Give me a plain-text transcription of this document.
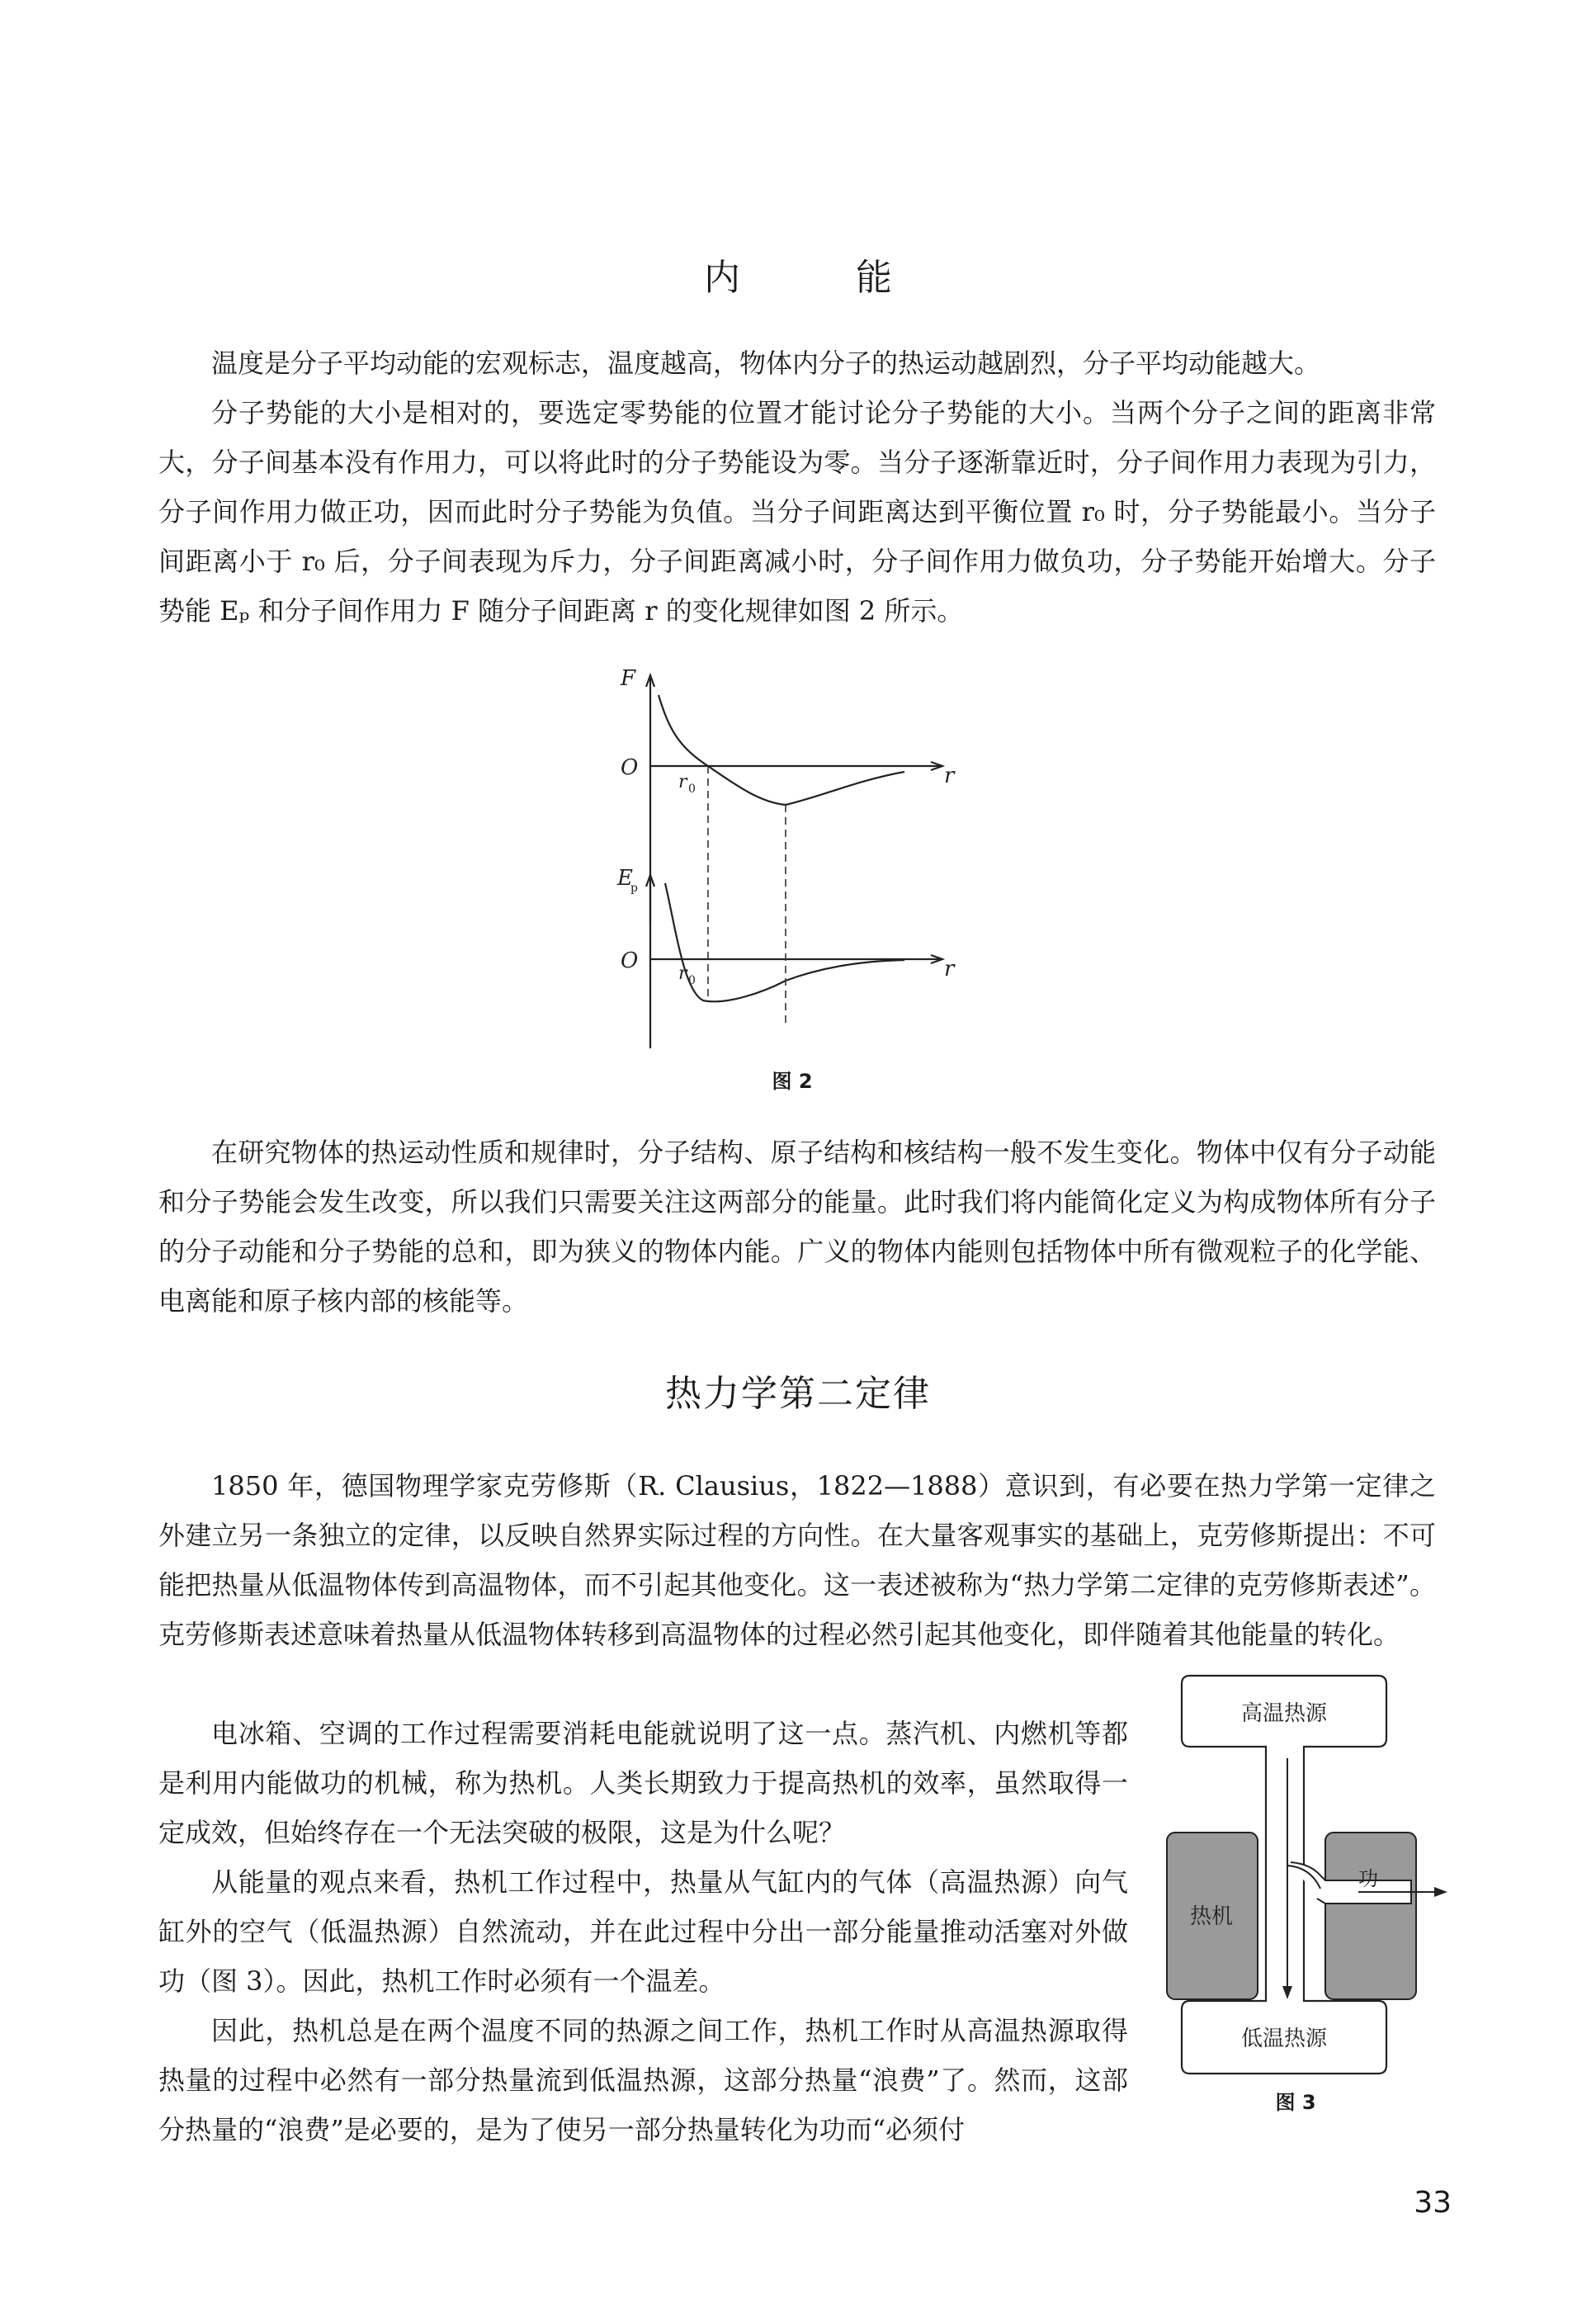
内　能

温度是分子平均动能的宏观标志，温度越高，物体内分子的热运动越剧烈，分子平均动能越大。

分子势能的大小是相对的，要选定零势能的位置才能讨论分子势能的大小。当两个分子之间的距离非常大，分子间基本没有作用力，可以将此时的分子势能设为零。当分子逐渐靠近时，分子间作用力表现为引力，分子间作用力做正功，因而此时分子势能为负值。当分子间距离达到平衡位置 r₀ 时，分子势能最小。当分子间距离小于 r₀ 后，分子间表现为斥力，分子间距离减小时，分子间作用力做负功，分子势能开始增大。分子势能 Eₚ 和分子间作用力 F 随分子间距离 r 的变化规律如图 2 所示。

F
O	r
r 0
E
p
O	r
r 0
图 2

在研究物体的热运动性质和规律时，分子结构、原子结构和核结构一般不发生变化。物体中仅有分子动能和分子势能会发生改变，所以我们只需要关注这两部分的能量。此时我们将内能简化定义为构成物体所有分子的分子动能和分子势能的总和，即为狭义的物体内能。广义的物体内能则包括物体中所有微观粒子的化学能、电离能和原子核内部的核能等。

热力学第二定律

1850 年，德国物理学家克劳修斯（R. Clausius，1822—1888）意识到，有必要在热力学第一定律之外建立另一条独立的定律，以反映自然界实际过程的方向性。在大量客观事实的基础上，克劳修斯提出：不可能把热量从低温物体传到高温物体，而不引起其他变化。这一表述被称为“热力学第二定律的克劳修斯表述”。克劳修斯表述意味着热量从低温物体转移到高温物体的过程必然引起其他变化，即伴随着其他能量的转化。

电冰箱、空调的工作过程需要消耗电能就说明了这一点。蒸汽机、内燃机等都是利用内能做功的机械，称为热机。人类长期致力于提高热机的效率，虽然取得一定成效，但始终存在一个无法突破的极限，这是为什么呢？

从能量的观点来看，热机工作过程中，热量从气缸内的气体（高温热源）向气缸外的空气（低温热源）自然流动，并在此过程中分出一部分能量推动活塞对外做功（图 3）。因此，热机工作时必须有一个温差。

因此，热机总是在两个温度不同的热源之间工作，热机工作时从高温热源取得热量的过程中必然有一部分热量流到低温热源，这部分热量“浪费”了。然而，这部分热量的“浪费”是必要的，是为了使另一部分热量转化为功而“必须付

高温热源
低温热源
热机
功
图 3
33
